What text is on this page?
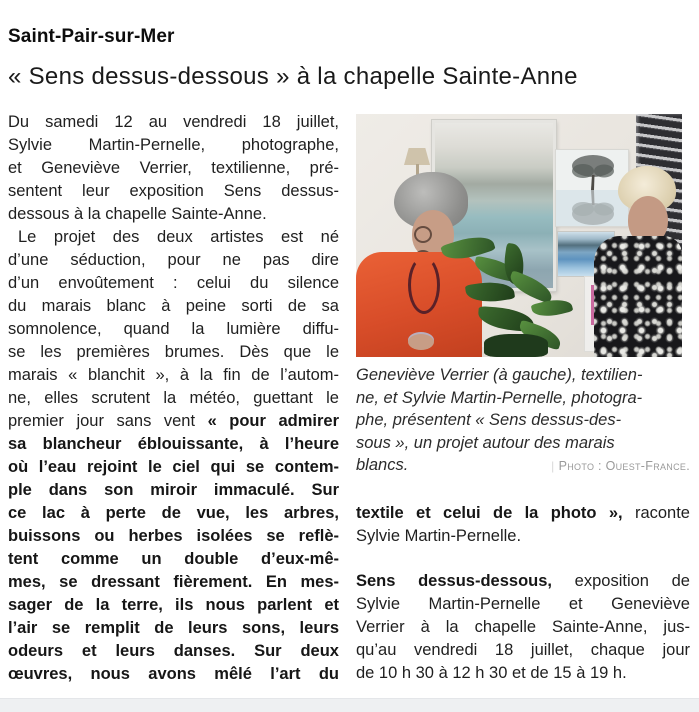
Saint-Pair-sur-Mer
« Sens dessus-dessous » à la chapelle Sainte-Anne
Du samedi 12 au vendredi 18 juillet,
Sylvie Martin-Pernelle, photographe,
et Geneviève Verrier, textilienne, pré-
sentent leur exposition Sens dessus-
dessous à la chapelle Sainte-Anne.
Le projet des deux artistes est né
d’une séduction, pour ne pas dire
d’un envoûtement : celui du silence
du marais blanc à peine sorti de sa
somnolence, quand la lumière diffu-
se les premières brumes. Dès que le
marais « blanchit », à la fin de l’autom-
ne, elles scrutent la météo, guettant le
premier jour sans vent « pour admirer
sa blancheur éblouissante, à l’heure
où l’eau rejoint le ciel qui se contem-
ple dans son miroir immaculé. Sur
ce lac à perte de vue, les arbres,
buissons ou herbes isolées se reflè-
tent comme un double d’eux-mê-
mes, se dressant fièrement. En mes-
sager de la terre, ils nous parlent et
l’air se remplit de leurs sons, leurs
odeurs et leurs danses. Sur deux
œuvres, nous avons mêlé l’art du
Geneviève Verrier (à gauche), textilien-
ne, et Sylvie Martin-Pernelle, photogra-
phe, présentent « Sens dessus-des-
sous », un projet autour des marais
blancs.	| Photo : Ouest-France.
textile et celui de la photo », raconte
Sylvie Martin-Pernelle.
Sens dessus-dessous, exposition de
Sylvie Martin-Pernelle et Geneviève
Verrier à la chapelle Sainte-Anne, jus-
qu’au vendredi 18 juillet, chaque jour
de 10 h 30 à 12 h 30 et de 15 à 19 h.
